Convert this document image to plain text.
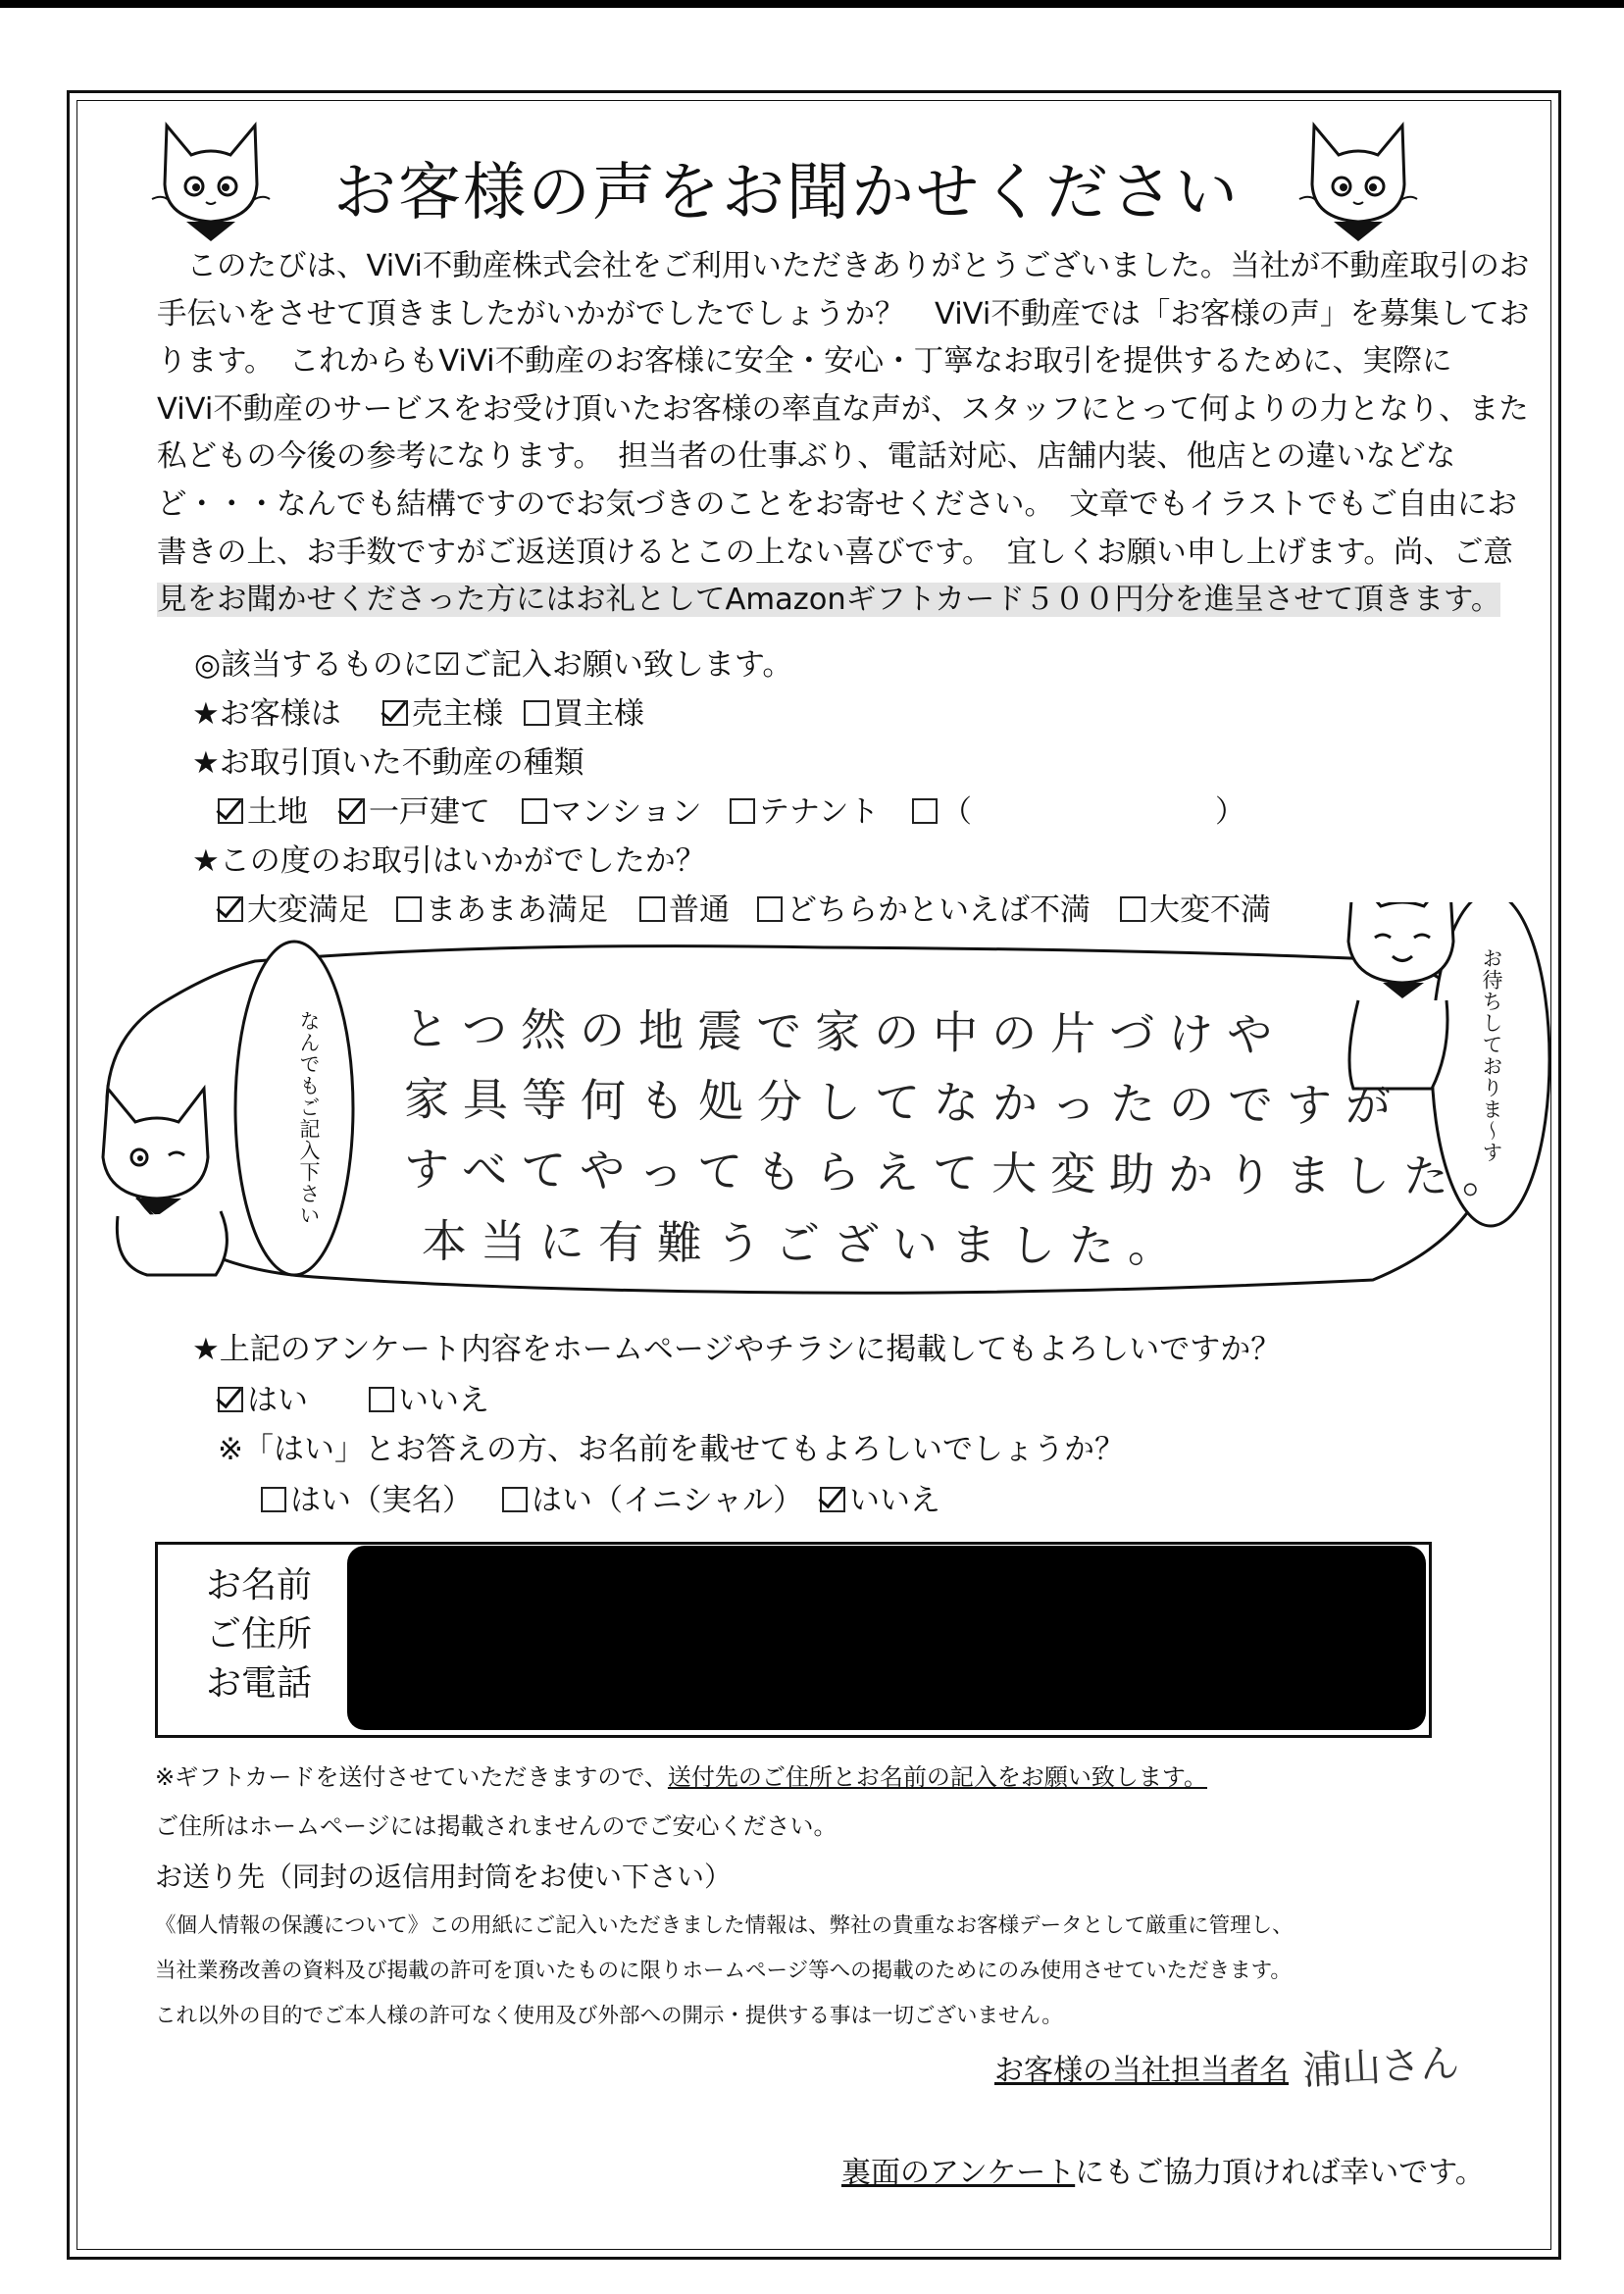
お客様の声をお聞かせください

　このたびは、ViVi不動産株式会社をご利用いただきありがとうございました。当社が不動産取引のお

手伝いをさせて頂きましたがいかがでしたでしょうか？　ViVi不動産では「お客様の声」を募集してお

ります。　これからもViVi不動産のお客様に安全・安心・丁寧なお取引を提供するために、実際に

ViVi不動産のサービスをお受け頂いたお客様の率直な声が、スタッフにとって何よりの力となり、また

私どもの今後の参考になります。　担当者の仕事ぶり、電話対応、店舗内装、他店との違いなどな

ど・・・なんでも結構ですのでお気づきのことをお寄せください。　文章でもイラストでもご自由にお

書きの上、お手数ですがご返送頂けるとこの上ない喜びです。　宜しくお願い申し上げます。尚、ご意

見をお聞かせくださった方にはお礼としてAmazonギフトカード５００円分を進呈させて頂きます。

◎該当するものに☑ご記入お願い致します。
★お客様は	売主様	買主様
★お取引頂いた不動産の種類
土地	一戸建て	マンション	テナント	（　　　　　　　　）
★この度のお取引はいかがでしたか？
大変満足	まあまあ満足	普通	どちらかといえば不満	大変不満
なんでもご記入下さい	お待ちしておりま～す
とつ然の地震で家の中の片づけや
家具等何も処分してなかったのですが
すべてやってもらえて大変助かりました。
本当に有難うございました。
★上記のアンケート内容をホームページやチラシに掲載してもよろしいですか？
はい	いいえ
※「はい」とお答えの方、お名前を載せてもよろしいでしょうか？
はい（実名）	はい（イニシャル）	いいえ
お名前
ご住所
お電話
※ギフトカードを送付させていただきますので、送付先のご住所とお名前の記入をお願い致します。
ご住所はホームページには掲載されませんのでご安心ください。
お送り先（同封の返信用封筒をお使い下さい）
《個人情報の保護について》この用紙にご記入いただきました情報は、弊社の貴重なお客様データとして厳重に管理し、
当社業務改善の資料及び掲載の許可を頂いたものに限りホームページ等への掲載のためにのみ使用させていただきます。
これ以外の目的でご本人様の許可なく使用及び外部への開示・提供する事は一切ございません。
お客様の当社担当者名 浦山さん
裏面のアンケートにもご協力頂ければ幸いです。
